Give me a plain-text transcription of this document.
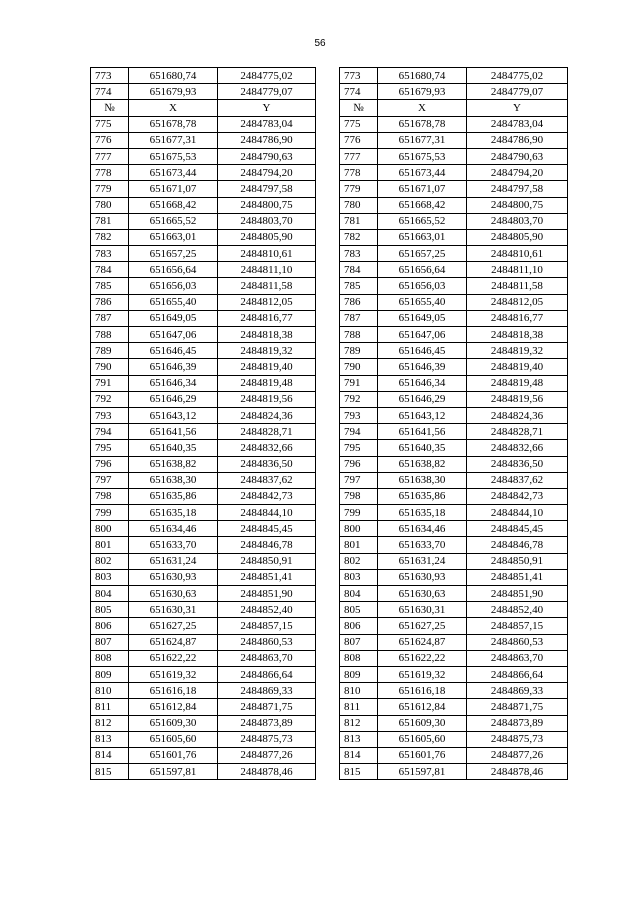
56
773	651680,74	2484775,02		773	651680,74	2484775,02
774	651679,93	2484779,07		774	651679,93	2484779,07
№	X	Y		№	X	Y
775	651678,78	2484783,04		775	651678,78	2484783,04
776	651677,31	2484786,90		776	651677,31	2484786,90
777	651675,53	2484790,63		777	651675,53	2484790,63
778	651673,44	2484794,20		778	651673,44	2484794,20
779	651671,07	2484797,58		779	651671,07	2484797,58
780	651668,42	2484800,75		780	651668,42	2484800,75
781	651665,52	2484803,70		781	651665,52	2484803,70
782	651663,01	2484805,90		782	651663,01	2484805,90
783	651657,25	2484810,61		783	651657,25	2484810,61
784	651656,64	2484811,10		784	651656,64	2484811,10
785	651656,03	2484811,58		785	651656,03	2484811,58
786	651655,40	2484812,05		786	651655,40	2484812,05
787	651649,05	2484816,77		787	651649,05	2484816,77
788	651647,06	2484818,38		788	651647,06	2484818,38
789	651646,45	2484819,32		789	651646,45	2484819,32
790	651646,39	2484819,40		790	651646,39	2484819,40
791	651646,34	2484819,48		791	651646,34	2484819,48
792	651646,29	2484819,56		792	651646,29	2484819,56
793	651643,12	2484824,36		793	651643,12	2484824,36
794	651641,56	2484828,71		794	651641,56	2484828,71
795	651640,35	2484832,66		795	651640,35	2484832,66
796	651638,82	2484836,50		796	651638,82	2484836,50
797	651638,30	2484837,62		797	651638,30	2484837,62
798	651635,86	2484842,73		798	651635,86	2484842,73
799	651635,18	2484844,10		799	651635,18	2484844,10
800	651634,46	2484845,45		800	651634,46	2484845,45
801	651633,70	2484846,78		801	651633,70	2484846,78
802	651631,24	2484850,91		802	651631,24	2484850,91
803	651630,93	2484851,41		803	651630,93	2484851,41
804	651630,63	2484851,90		804	651630,63	2484851,90
805	651630,31	2484852,40		805	651630,31	2484852,40
806	651627,25	2484857,15		806	651627,25	2484857,15
807	651624,87	2484860,53		807	651624,87	2484860,53
808	651622,22	2484863,70		808	651622,22	2484863,70
809	651619,32	2484866,64		809	651619,32	2484866,64
810	651616,18	2484869,33		810	651616,18	2484869,33
811	651612,84	2484871,75		811	651612,84	2484871,75
812	651609,30	2484873,89		812	651609,30	2484873,89
813	651605,60	2484875,73		813	651605,60	2484875,73
814	651601,76	2484877,26		814	651601,76	2484877,26
815	651597,81	2484878,46		815	651597,81	2484878,46
